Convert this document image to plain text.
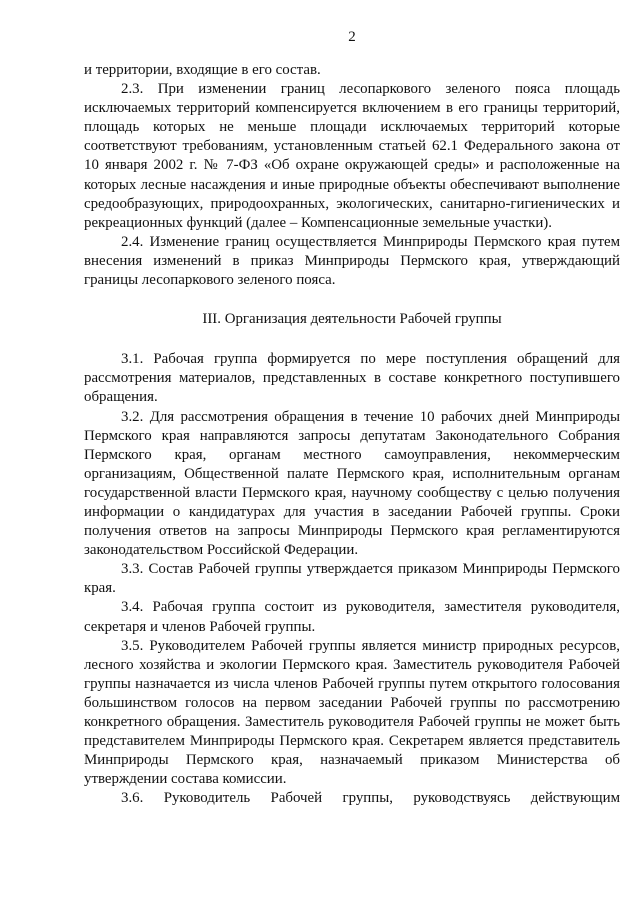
2

и территории, входящие в его состав.

2.3. При изменении границ лесопаркового зеленого пояса площадь исключаемых территорий компенсируется включением в его границы территорий, площадь которых не меньше площади исключаемых территорий которые соответствуют требованиям, установленным статьей 62.1 Федерального закона от 10 января 2002 г. № 7-ФЗ «Об охране окружающей среды» и расположенные на которых лесные насаждения и иные природные объекты обеспечивают выполнение средообразующих, природоохранных, экологических, санитарно-гигиенических и рекреационных функций (далее – Компенсационные земельные участки).

2.4. Изменение границ осуществляется Минприроды Пермского края путем внесения изменений в приказ Минприроды Пермского края, утверждающий границы лесопаркового зеленого пояса.

III. Организация деятельности Рабочей группы

3.1. Рабочая группа формируется по мере поступления обращений для рассмотрения материалов, представленных в составе конкретного поступившего обращения.

3.2. Для рассмотрения обращения в течение 10 рабочих дней Минприроды Пермского края направляются запросы депутатам Законодательного Собрания Пермского края, органам местного самоуправления, некоммерческим организациям, Общественной палате Пермского края, исполнительным органам государственной власти Пермского края, научному сообществу с целью получения информации о кандидатурах для участия в заседании Рабочей группы. Сроки получения ответов на запросы Минприроды Пермского края регламентируются законодательством Российской Федерации.

3.3. Состав Рабочей группы утверждается приказом Минприроды Пермского края.

3.4. Рабочая группа состоит из руководителя, заместителя руководителя, секретаря и членов Рабочей группы.

3.5. Руководителем Рабочей группы является министр природных ресурсов, лесного хозяйства и экологии Пермского края. Заместитель руководителя Рабочей группы назначается из числа членов Рабочей группы путем открытого голосования большинством голосов на первом заседании Рабочей группы по рассмотрению конкретного обращения. Заместитель руководителя Рабочей группы не может быть представителем Минприроды Пермского края. Секретарем является представитель Минприроды Пермского края, назначаемый приказом Министерства об утверждении состава комиссии.

3.6. Руководитель Рабочей группы, руководствуясь действующим
